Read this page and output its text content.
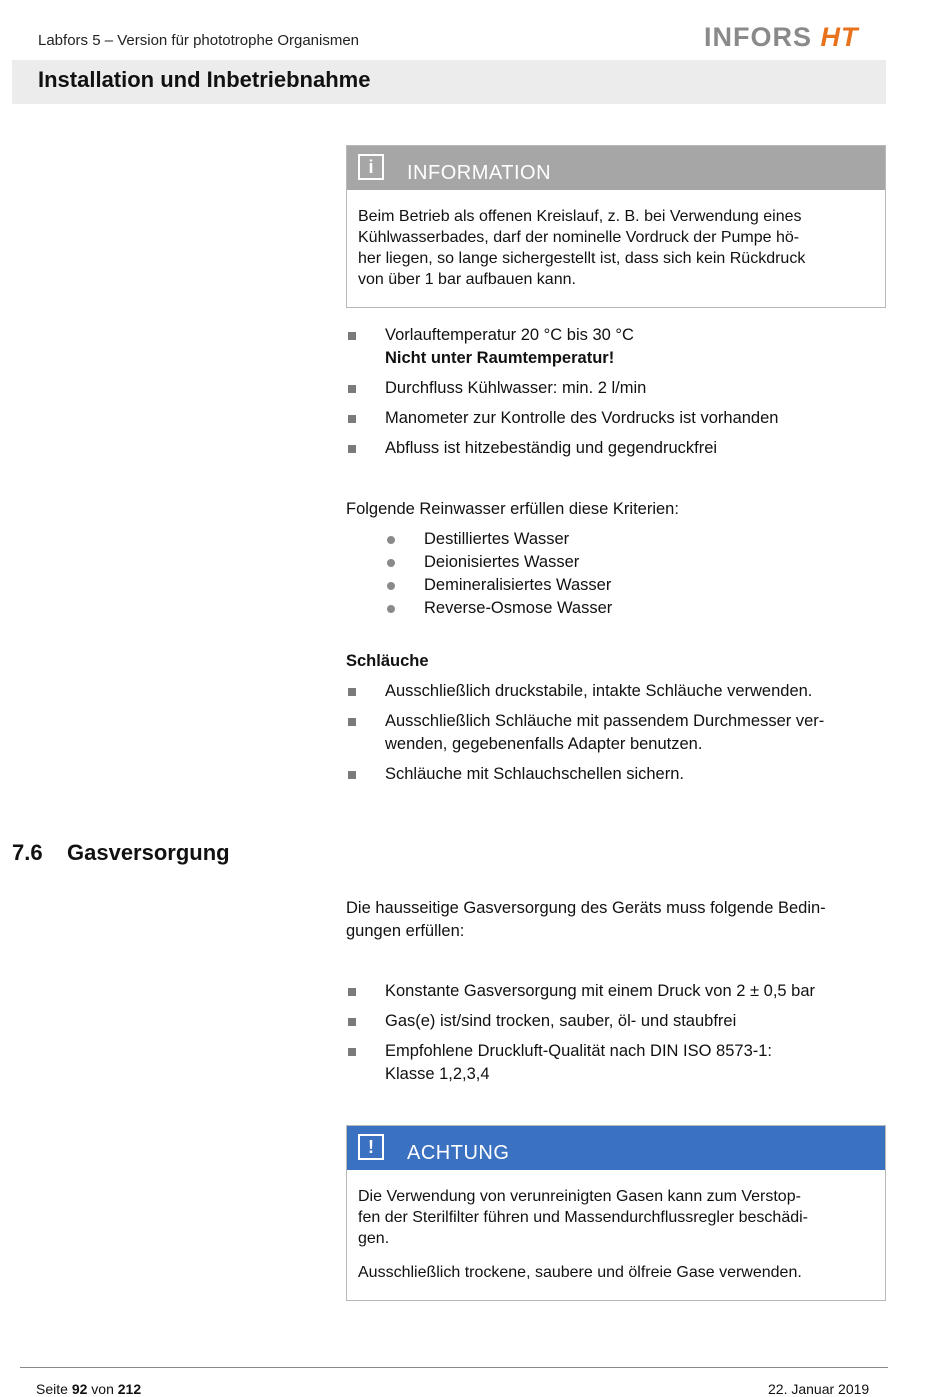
Labfors 5 – Version für phototrophe Organismen	INFORS HT
Installation und Inbetriebnahme
i	INFORMATION

Beim Betrieb als offenen Kreislauf, z. B. bei Verwendung eines
Kühlwasserbades, darf der nominelle Vordruck der Pumpe hö-
her liegen, so lange sichergestellt ist, dass sich kein Rückdruck
von über 1 bar aufbauen kann.

Vorlauftemperatur 20 °C bis 30 °C
Nicht unter Raumtemperatur!
Durchfluss Kühlwasser: min. 2 l/min
Manometer zur Kontrolle des Vordrucks ist vorhanden
Abfluss ist hitzebeständig und gegendruckfrei
Folgende Reinwasser erfüllen diese Kriterien:
Destilliertes Wasser
Deionisiertes Wasser
Demineralisiertes Wasser
Reverse-Osmose Wasser
Schläuche
Ausschließlich druckstabile, intakte Schläuche verwenden.
Ausschließlich Schläuche mit passendem Durchmesser ver-
wenden, gegebenenfalls Adapter benutzen.
Schläuche mit Schlauchschellen sichern.
7.6 Gasversorgung
Die hausseitige Gasversorgung des Geräts muss folgende Bedin-
gungen erfüllen:
Konstante Gasversorgung mit einem Druck von 2 ± 0,5 bar
Gas(e) ist/sind trocken, sauber, öl- und staubfrei
Empfohlene Druckluft-Qualität nach DIN ISO 8573-1:
Klasse 1,2,3,4
!	ACHTUNG

Die Verwendung von verunreinigten Gasen kann zum Verstop-
fen der Sterilfilter führen und Massendurchflussregler beschädi-
gen.

Ausschließlich trockene, saubere und ölfreie Gase verwenden.

Seite 92 von 212	22. Januar 2019
